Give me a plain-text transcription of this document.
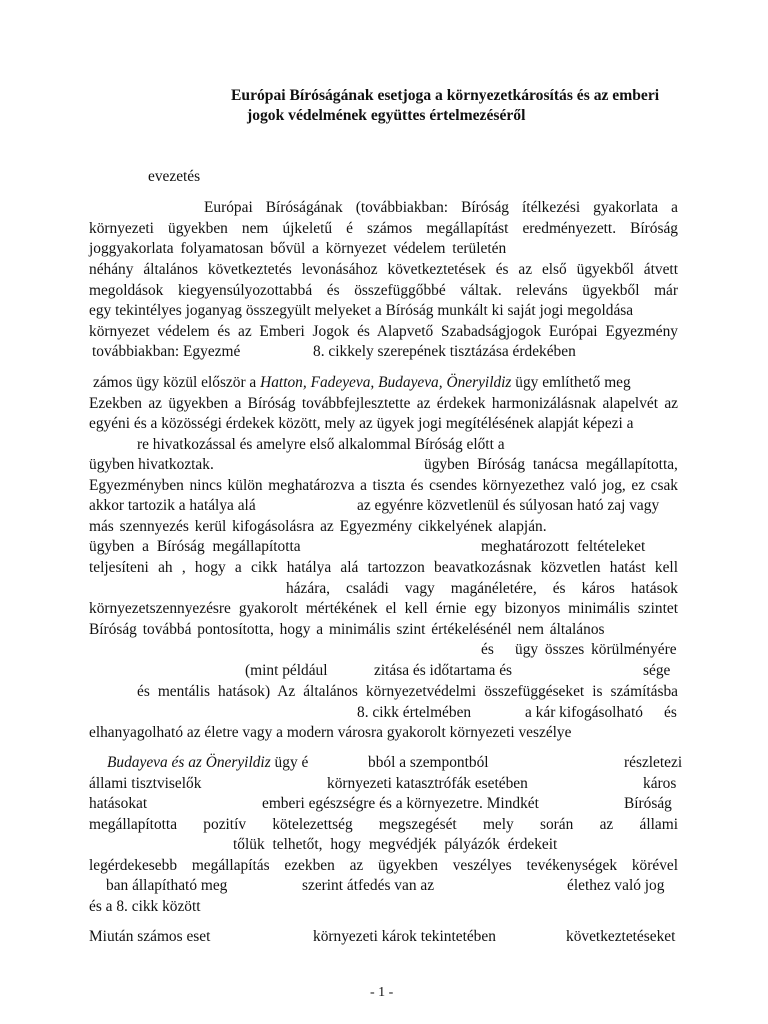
Európai Bíróságának esetjoga a környezetkárosítás és az emberi
jogok védelmének együttes értelmezéséről
evezetés
Európai Bíróságának (továbbiakban: Bíróság ítélkezési gyakorlata a
környezeti ügyekben nem újkeletű é számos megállapítást eredményezett. Bíróság
joggyakorlata folyamatosan bővül a környezet védelem területén
néhány általános következtetés levonásához következtetések és az első ügyekből átvett
megoldások kiegyensúlyozottabbá és összefüggőbbé váltak. releváns ügyekből már
egy tekintélyes joganyag összegyült melyeket a Bíróság munkált ki saját jogi megoldása
környezet védelem és az Emberi Jogok és Alapvető Szabadságjogok Európai Egyezmény
továbbiakban: Egyezmé	8. cikkely szerepének tisztázása érdekében
zámos ügy közül először a Hatton, Fadeyeva, Budayeva, Öneryildiz ügy említhető meg
Ezekben az ügyekben a Bíróság továbbfejlesztette az érdekek harmonizálásnak alapelvét az
egyéni és a közösségi érdekek között, mely az ügyek jogi megítélésének alapját képezi a
re hivatkozással és amelyre első alkalommal Bíróság előtt a
ügyben hivatkoztak.	ügyben Bíróság tanácsa megállapította,
Egyezményben nincs külön meghatározva a tiszta és csendes környezethez való jog, ez csak
akkor tartozik a hatálya alá	az egyénre közvetlenül és súlyosan ható zaj vagy
más szennyezés kerül kifogásolásra az Egyezmény cikkelyének alapján.
ügyben a Bíróság megállapította	meghatározott feltételeket
teljesíteni ah , hogy a cikk hatálya alá tartozzon beavatkozásnak közvetlen hatást kell
házára, családi vagy magánéletére, és káros hatások
környezetszennyezésre gyakorolt mértékének el kell érnie egy bizonyos minimális szintet
Bíróság továbbá pontosította, hogy a minimális szint értékelésénél nem általános
és ügy összes körülményére
(mint például	zitása és időtartama és	sége
és mentális hatások) Az általános környezetvédelmi összefüggéseket is számításba
8. cikk értelmében	a kár kifogásolható és
elhanyagolható az életre vagy a modern városra gyakorolt környezeti veszélye
Budayeva és az Öneryildiz ügy é	bból a szempontból	részletezi
állami tisztviselők	környezeti katasztrófák esetében	káros
hatásokat	emberi egészségre és a környezetre. Mindkét	Bíróság
megállapította pozitív kötelezettség megszegését mely során az állami
tőlük telhetőt, hogy megvédjék pályázók érdekeit
legérdekesebb megállapítás ezekben az ügyekben veszélyes tevékenységek körével
ban állapítható meg	szerint átfedés van az	élethez való jog
és a 8. cikk között
Miután számos eset	környezeti károk tekintetében	következtetéseket
- 1 -
